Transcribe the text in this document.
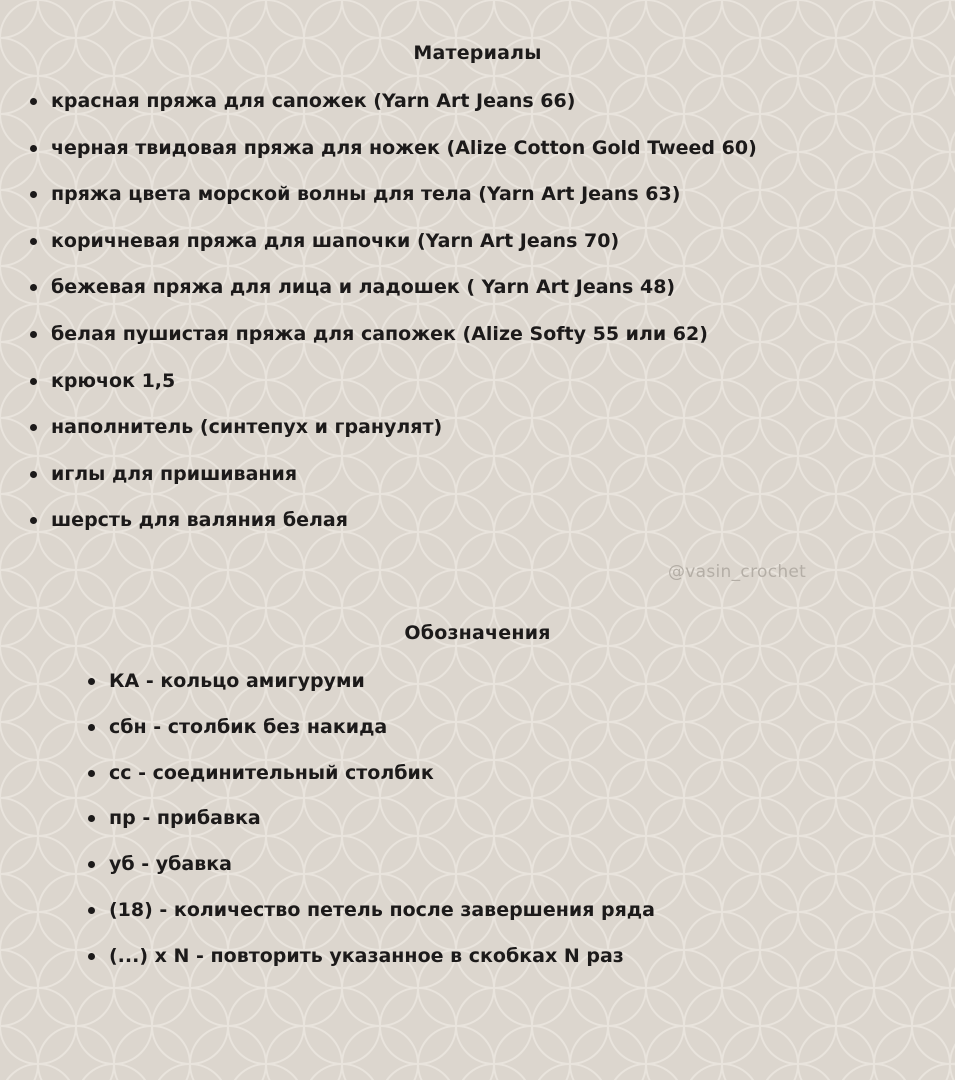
Материалы
красная пряжа для сапожек (Yarn Art Jeans 66)
черная твидовая пряжа для ножек (Alize Cotton Gold Tweed 60)
пряжа цвета морской волны для тела (Yarn Art Jeans 63)
коричневая пряжа для шапочки (Yarn Art Jeans 70)
бежевая пряжа для лица и ладошек ( Yarn Art Jeans 48)
белая пушистая пряжа для сапожек (Alize Softy 55 или 62)
крючок 1,5
наполнитель (синтепух и гранулят)
иглы для пришивания
шерсть для валяния белая
@vasin_crochet
Обозначения
КА - кольцо амигуруми
сбн - столбик без накида
сс - соединительный столбик
пр - прибавка
уб - убавка
(18) - количество петель после завершения ряда
(...) x N - повторить указанное в скобках N раз
